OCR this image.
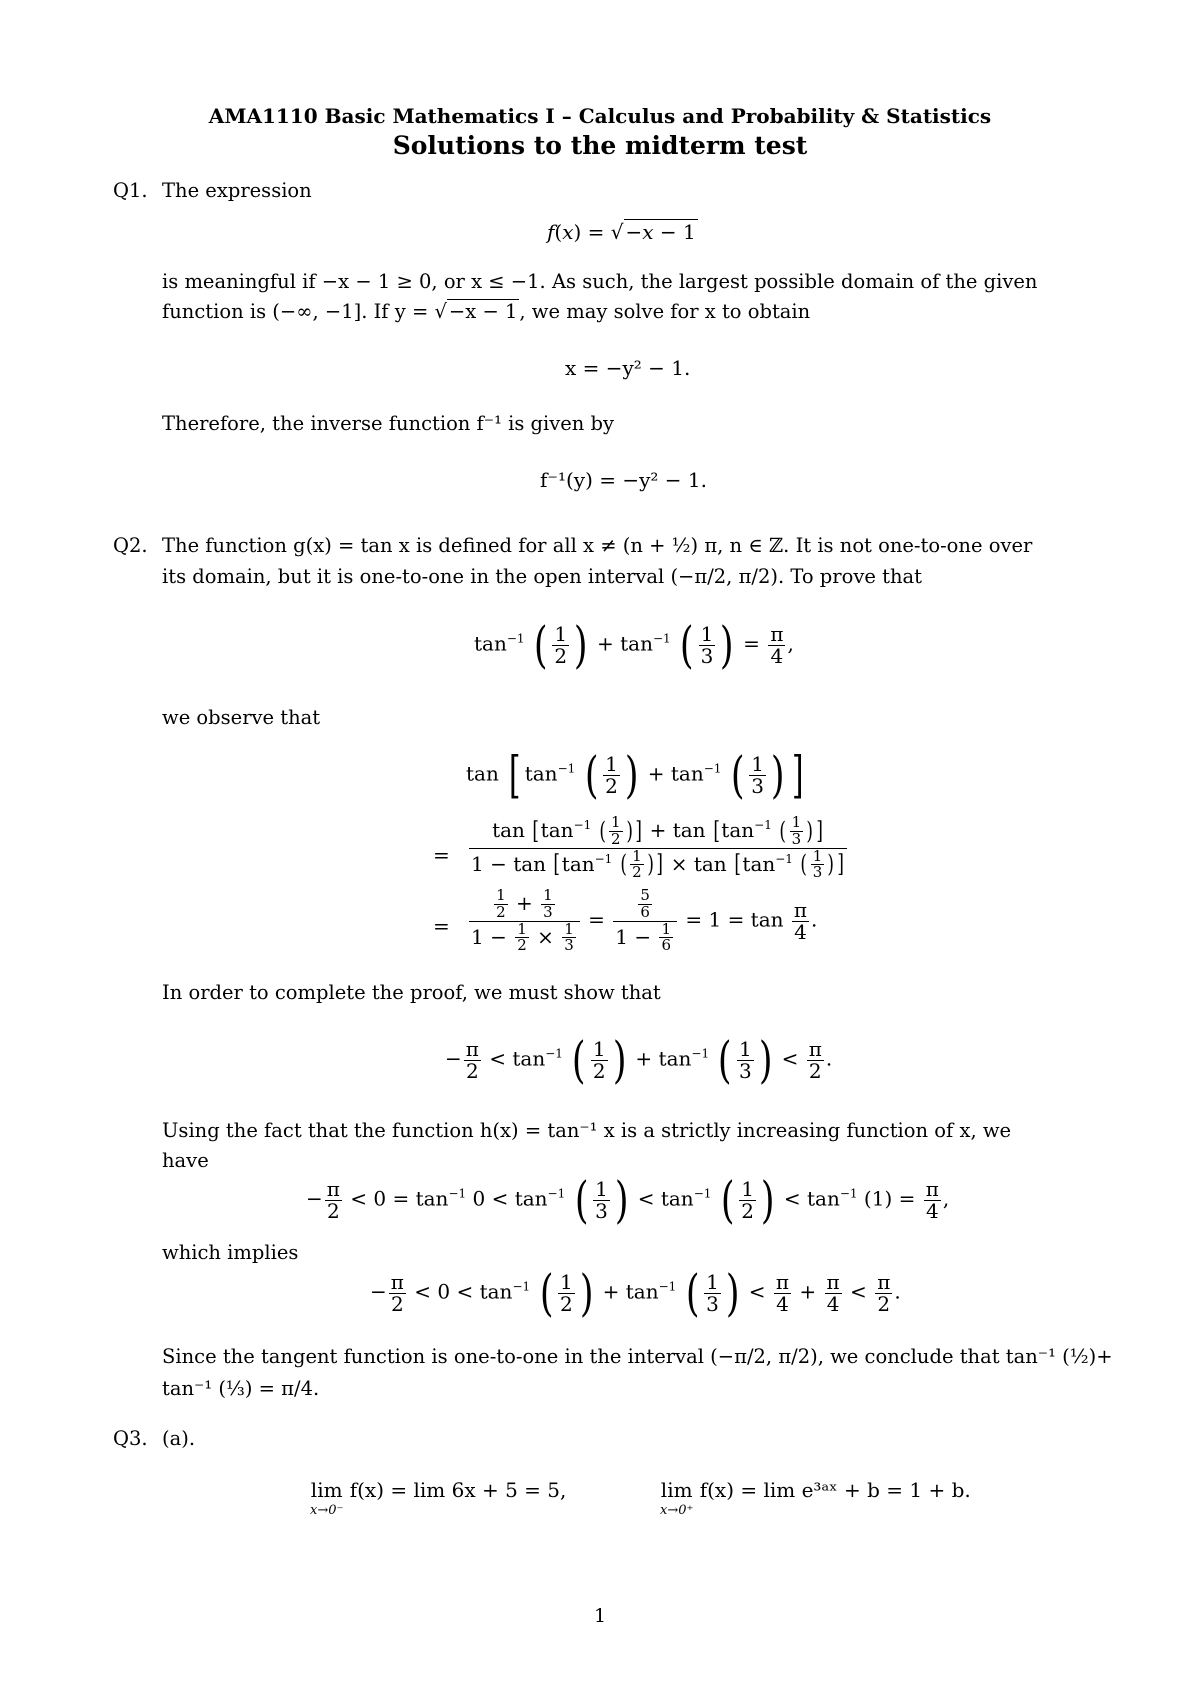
AMA1110 Basic Mathematics I – Calculus and Probability & Statistics
Solutions to the midterm test
Q1. The expression
f(x) = √ −x − 1
is meaningful if −x − 1 ≥ 0, or x ≤ −1. As such, the largest possible domain of the given
function is (−∞, −1]. If y = √ −x − 1 , we may solve for x to obtain
x = −y² − 1.
Therefore, the inverse function f⁻¹ is given by
f⁻¹(y) = −y² − 1.
Q2. The function g(x) = tan x is defined for all x ≠ (n + ½) π, n ∈ ℤ. It is not one-to-one over
its domain, but it is one-to-one in the open interval (−π/2, π/2). To prove that
$\tan^{-1}$ ( $\frac{1}{2}$ ) + $\tan^{-1}$ ( $\frac{1}{3}$ ) = $\frac{\pi}{4}$ ,
we observe that
tan [ $\tan^{-1}$ ( $\frac{1}{2}$ ) + $\tan^{-1}$ ( $\frac{1}{3}$ ) ]
= $\frac{\tan [\tan^{-1} ( \frac{1}{2} ) ] + \tan [\tan^{-1} ( \frac{1}{3} ) ]}{1 - \tan [\tan^{-1} ( \frac{1}{2} ) ] \times \tan [\tan^{-1} ( \frac{1}{3} ) ]}$
= $\frac{\frac{1}{2} + \frac{1}{3}}{1 - \frac{1}{2} \times \frac{1}{3}} = \frac{\frac{5}{6}}{1 - \frac{1}{6}} = 1 = \tan \frac{\pi}{4}$ .
In order to complete the proof, we must show that
− $\frac{\pi}{2} < \tan^{-1}$ ( $\frac{1}{2}$ ) + $\tan^{-1}$ ( $\frac{1}{3}$ ) < $\frac{\pi}{2}$ .
Using the fact that the function h(x) = tan⁻¹ x is a strictly increasing function of x, we
have
− $\frac{\pi}{2} < 0 = \tan^{-1} 0 < \tan^{-1}$ ( $\frac{1}{3}$ ) < $\tan^{-1}$ ( $\frac{1}{2}$ ) < $\tan^{-1} (1) = \frac{\pi}{4}$ ,
which implies
− $\frac{\pi}{2} < 0 < \tan^{-1}$ ( $\frac{1}{2}$ ) + $\tan^{-1}$ ( $\frac{1}{3}$ ) < $\frac{\pi}{4} + \frac{\pi}{4} < \frac{\pi}{2}$ .
Since the tangent function is one-to-one in the interval (−π/2, π/2), we conclude that tan⁻¹ (½)+
tan⁻¹ (⅓) = π/4.
Q3. (a).
lim
x→0⁻
f(x) = lim 6x + 5 = 5,	lim
x→0⁺
f(x) = lim e³ᵃˣ + b = 1 + b.
1
